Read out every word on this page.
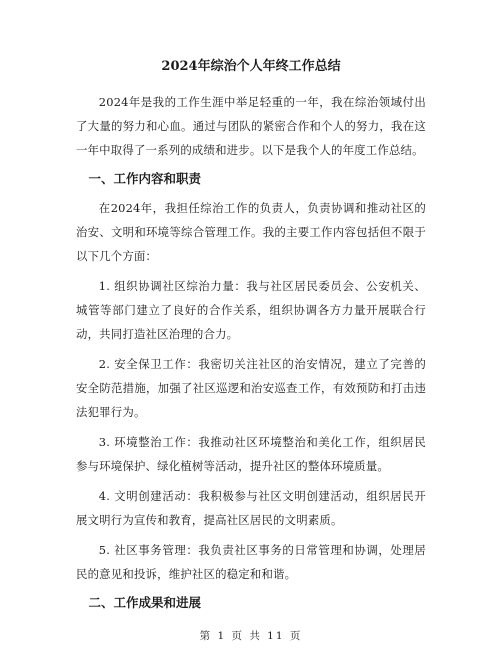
2024年综治个人年终工作总结

2024年是我的工作生涯中举足轻重的一年，我在综治领域付出了大量的努力和心血。通过与团队的紧密合作和个人的努力，我在这一年中取得了一系列的成绩和进步。以下是我个人的年度工作总结。

一、工作内容和职责

在2024年，我担任综治工作的负责人，负责协调和推动社区的治安、文明和环境等综合管理工作。我的主要工作内容包括但不限于以下几个方面：

1. 组织协调社区综治力量：我与社区居民委员会、公安机关、城管等部门建立了良好的合作关系，组织协调各方力量开展联合行动，共同打造社区治理的合力。

2. 安全保卫工作：我密切关注社区的治安情况，建立了完善的安全防范措施，加强了社区巡逻和治安巡查工作，有效预防和打击违法犯罪行为。

3. 环境整治工作：我推动社区环境整治和美化工作，组织居民参与环境保护、绿化植树等活动，提升社区的整体环境质量。

4. 文明创建活动：我积极参与社区文明创建活动，组织居民开展文明行为宣传和教育，提高社区居民的文明素质。

5. 社区事务管理：我负责社区事务的日常管理和协调，处理居民的意见和投诉，维护社区的稳定和和谐。

二、工作成果和进展
第 1 页 共 11 页
